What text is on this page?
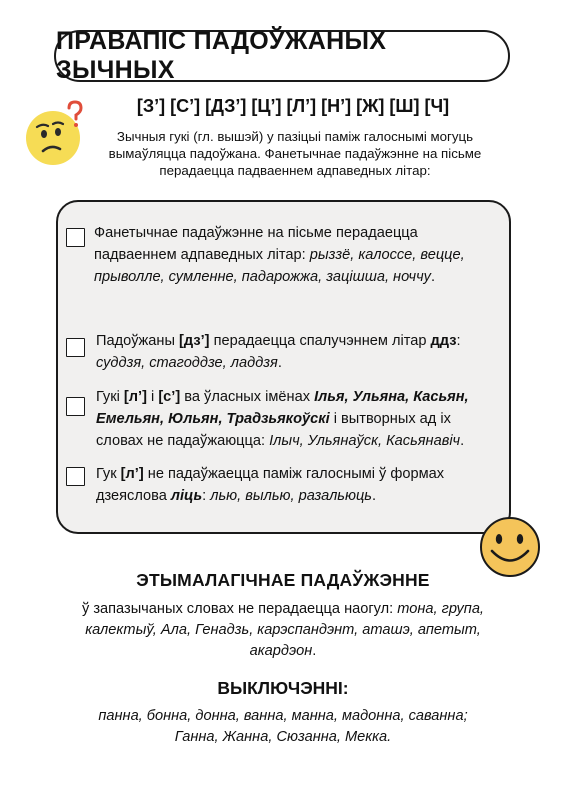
ПРАВАПІС ПАДОЎЖАНЫХ ЗЫЧНЫХ
[З’] [С’] [ДЗ’] [Ц’] [Л’] [Н’] [Ж] [Ш] [Ч]
Зычныя гукі (гл. вышэй) у пазіцыі паміж галоснымі могуць вымаўляцца падоўжана. Фанетычнае падаўжэнне на пісьме перадаецца падваеннем адпаведных літар:
Фанетычнае падаўжэнне на пісьме перадаецца падваеннем адпаведных літар: рыззё, калоссе, веццe, прыволле, сумленне, падарожжа, зацішша, ноччу.
Падоўжаны [дз’] перадаецца спалучэннем літар ддз: суддзя, стагоддзе, ладдзя.
Гукі [л’] і [с’] ва ўласных імёнах Ілья, Ульяна, Касьян, Емельян, Юльян, Традзьякоўскі і вытворных ад іх словах не падаўжаюцца: Ілыч, Ульянаўск, Касьянавіч.
Гук [л’] не падаўжаецца паміж галоснымі ў формах дзеяслова ліць: лью, вылью, разальюць.
ЭТЫМАЛАГІЧНАЕ ПАДАЎЖЭННЕ
ў запазычаных словах не перадаецца наогул: тона, група, калектыў, Ала, Генадзь, карэспандэнт, аташэ, апетыт, акардэон.
ВЫКЛЮЧЭННІ:
панна, бонна, донна, ванна, манна, мадонна, саванна;
Ганна, Жанна, Сюзанна, Мекка.
